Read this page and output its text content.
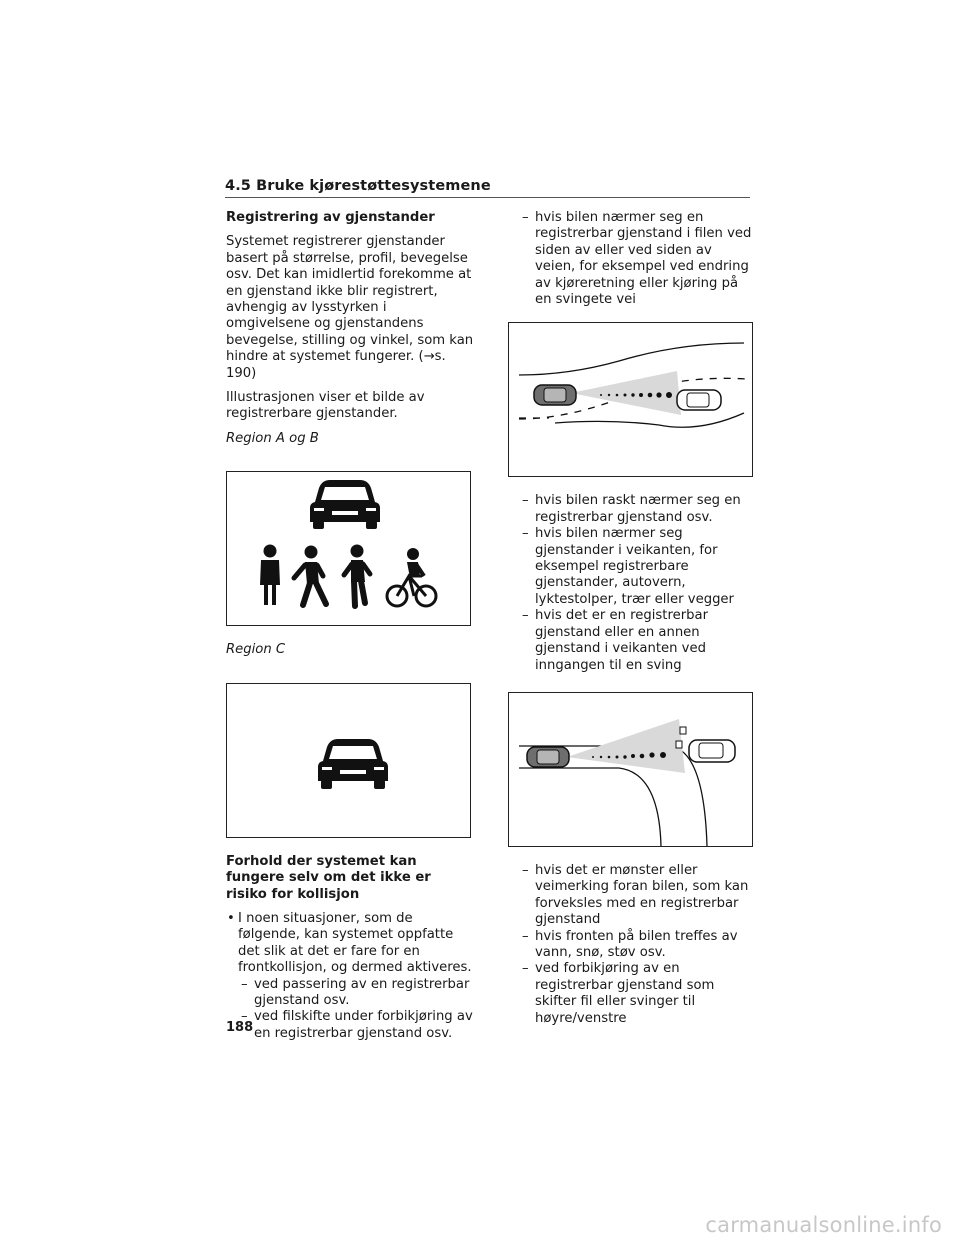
4.5 Bruke kjørestøttesystemene
Registrering av gjenstander

Systemet registrerer gjenstander basert på størrelse, profil, bevegelse osv. Det kan imidlertid forekomme at en gjenstand ikke blir registrert, avhengig av lysstyrken i omgivelsene og gjenstandens bevegelse, stilling og vinkel, som kan hindre at systemet fungerer. (→s. 190)

Illustrasjonen viser et bilde av registrerbare gjenstander.

Region A og B

Region C

Forhold der systemet kan fungere selv om det ikke er risiko for kollisjon

• I noen situasjoner, som de følgende, kan systemet oppfatte det slik at det er fare for en frontkollisjon, og dermed aktiveres.

– ved passering av en registrerbar gjenstand osv.

– ved filskifte under forbikjøring av en registrerbar gjenstand osv.

– hvis bilen nærmer seg en registrerbar gjenstand i filen ved siden av eller ved siden av veien, for eksempel ved endring av kjøreretning eller kjøring på en svingete vei

– hvis bilen raskt nærmer seg en registrerbar gjenstand osv.

– hvis bilen nærmer seg gjenstander i veikanten, for eksempel registrerbare gjenstander, autovern, lyktestolper, trær eller vegger

– hvis det er en registrerbar gjenstand eller en annen gjenstand i veikanten ved inngangen til en sving

– hvis det er mønster eller veimerking foran bilen, som kan forveksles med en registrerbar gjenstand

– hvis fronten på bilen treffes av vann, snø, støv osv.

– ved forbikjøring av en registrerbar gjenstand som skifter fil eller svinger til høyre/venstre

188
carmanualsonline.info
